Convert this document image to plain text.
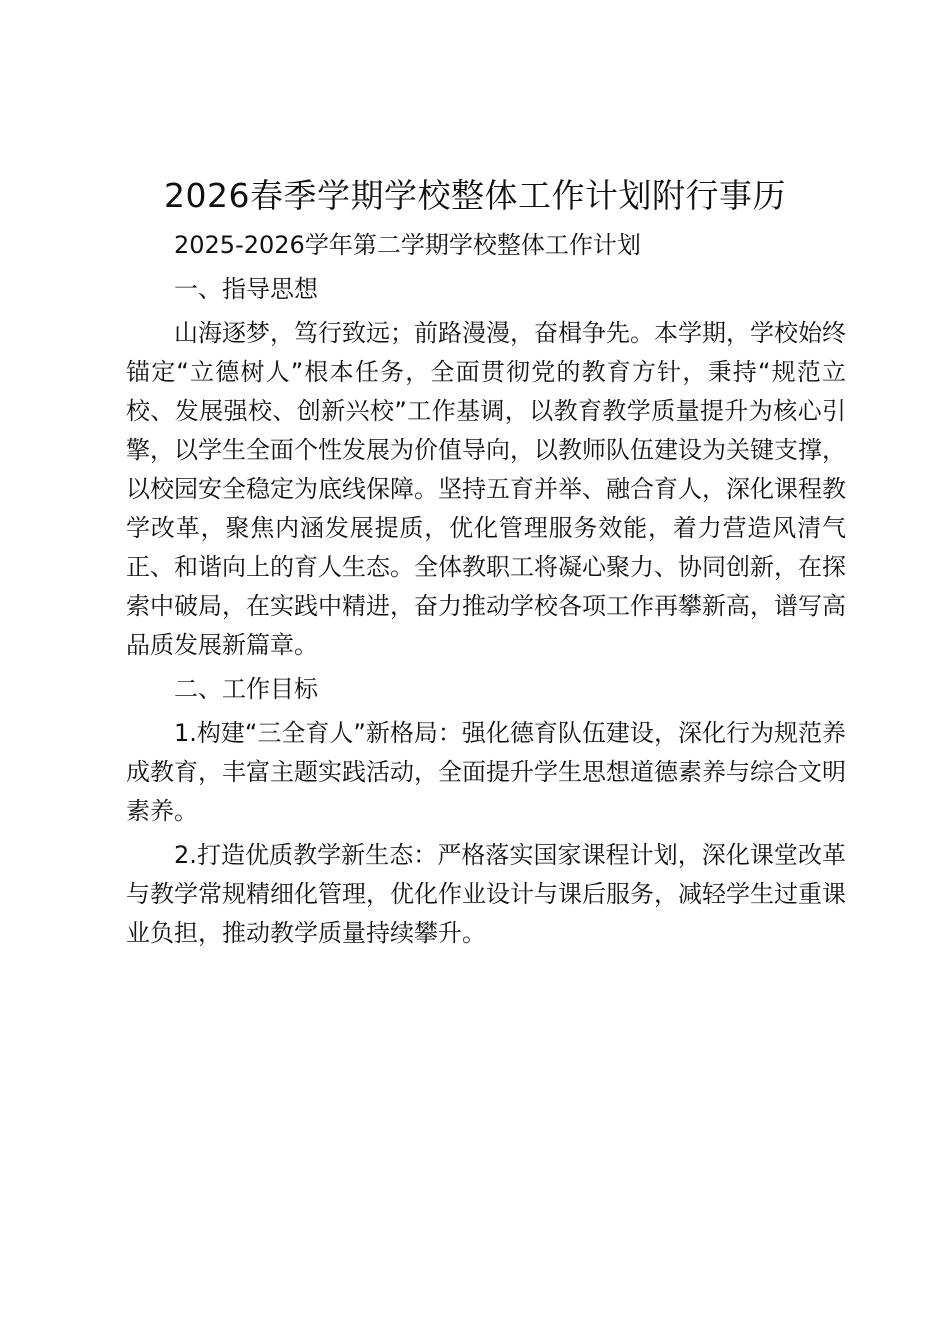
2026春季学期学校整体工作计划附行事历

2025-2026学年第二学期学校整体工作计划

一、指导思想

山海逐梦，笃行致远；前路漫漫，奋楫争先。本学期，学校始终锚定“立德树人”根本任务，全面贯彻党的教育方针，秉持“规范立校、发展强校、创新兴校”工作基调，以教育教学质量提升为核心引擎，以学生全面个性发展为价值导向，以教师队伍建设为关键支撑，以校园安全稳定为底线保障。坚持五育并举、融合育人，深化课程教学改革，聚焦内涵发展提质，优化管理服务效能，着力营造风清气正、和谐向上的育人生态。全体教职工将凝心聚力、协同创新，在探索中破局，在实践中精进，奋力推动学校各项工作再攀新高，谱写高品质发展新篇章。

二、工作目标

1.构建“三全育人”新格局：强化德育队伍建设，深化行为规范养成教育，丰富主题实践活动，全面提升学生思想道德素养与综合文明素养。

2.打造优质教学新生态：严格落实国家课程计划，深化课堂改革与教学常规精细化管理，优化作业设计与课后服务，减轻学生过重课业负担，推动教学质量持续攀升。
